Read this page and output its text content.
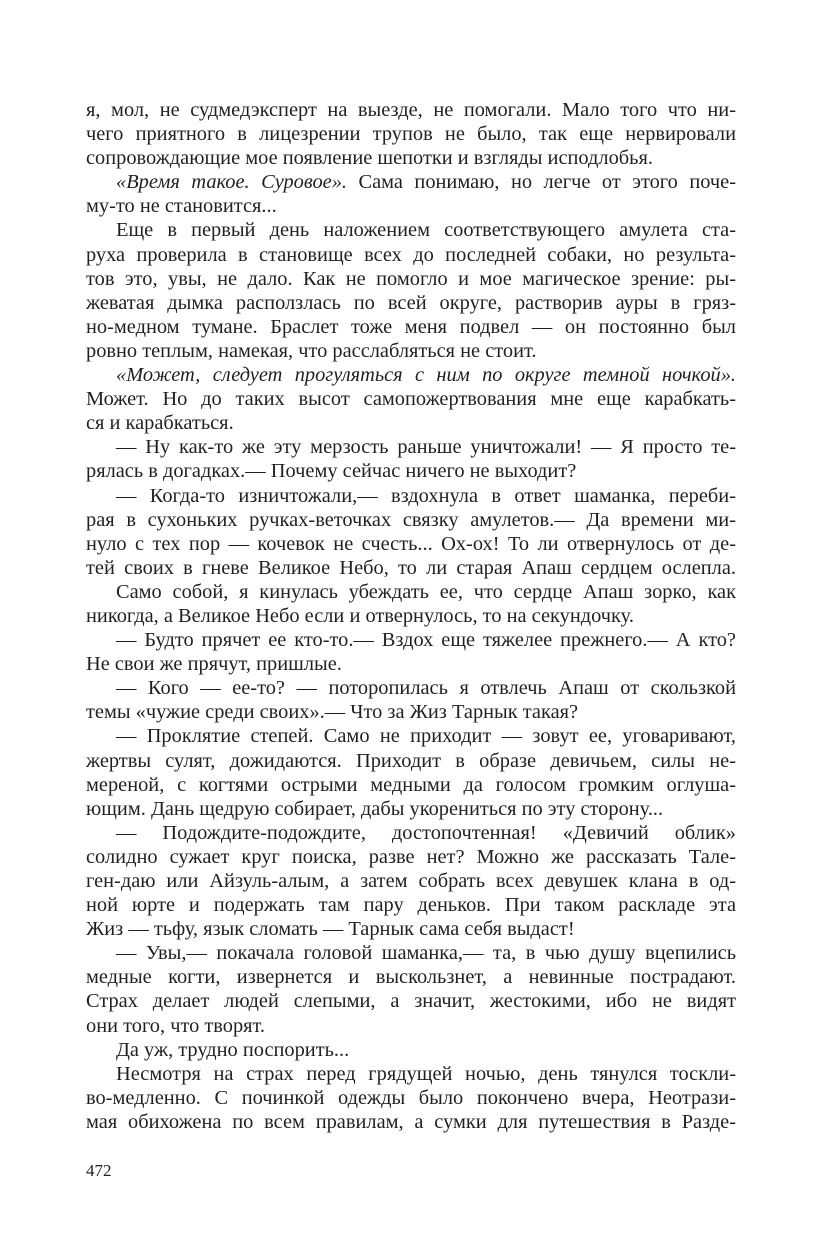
я, мол, не судмедэксперт на выезде, не помогали. Мало того что ни-
чего приятного в лицезрении трупов не было, так еще нервировали
сопровождающие мое появление шепотки и взгляды исподлобья.
«Время такое. Суровое». Сама понимаю, но легче от этого поче-
му-то не становится...
Еще в первый день наложением соответствующего амулета ста-
руха проверила в становище всех до последней собаки, но результа-
тов это, увы, не дало. Как не помогло и мое магическое зрение: ры-
жеватая дымка расползлась по всей округе, растворив ауры в гряз-
но-медном тумане. Браслет тоже меня подвел — он постоянно был
ровно теплым, намекая, что расслабляться не стоит.
«Может, следует прогуляться с ним по округе темной ночкой».
Может. Но до таких высот самопожертвования мне еще карабкать-
ся и карабкаться.
— Ну как-то же эту мерзость раньше уничтожали! — Я просто те-
рялась в догадках.— Почему сейчас ничего не выходит?
— Когда-то изничтожали,— вздохнула в ответ шаманка, переби-
рая в сухоньких ручках-веточках связку амулетов.— Да времени ми-
нуло с тех пор — кочевок не счесть... Ох-ох! То ли отвернулось от де-
тей своих в гневе Великое Небо, то ли старая Апаш сердцем ослепла.
Само собой, я кинулась убеждать ее, что сердце Апаш зорко, как
никогда, а Великое Небо если и отвернулось, то на секундочку.
— Будто прячет ее кто-то.— Вздох еще тяжелее прежнего.— А кто?
Не свои же прячут, пришлые.
— Кого — ее-то? — поторопилась я отвлечь Апаш от скользкой
темы «чужие среди своих».— Что за Жиз Тарнык такая?
— Проклятие степей. Само не приходит — зовут ее, уговаривают,
жертвы сулят, дожидаются. Приходит в образе девичьем, силы не-
мереной, с когтями острыми медными да голосом громким оглуша-
ющим. Дань щедрую собирает, дабы укорениться по эту сторону...
— Подождите-подождите, достопочтенная! «Девичий облик»
солидно сужает круг поиска, разве нет? Можно же рассказать Тале-
ген-даю или Айзуль-алым, а затем собрать всех девушек клана в од-
ной юрте и подержать там пару деньков. При таком раскладе эта
Жиз — тьфу, язык сломать — Тарнык сама себя выдаст!
— Увы,— покачала головой шаманка,— та, в чью душу вцепились
медные когти, извернется и выскользнет, а невинные пострадают.
Страх делает людей слепыми, а значит, жестокими, ибо не видят
они того, что творят.
Да уж, трудно поспорить...
Несмотря на страх перед грядущей ночью, день тянулся тоскли-
во-медленно. С починкой одежды было покончено вчера, Неотрази-
мая обихожена по всем правилам, а сумки для путешествия в Разде-
472
